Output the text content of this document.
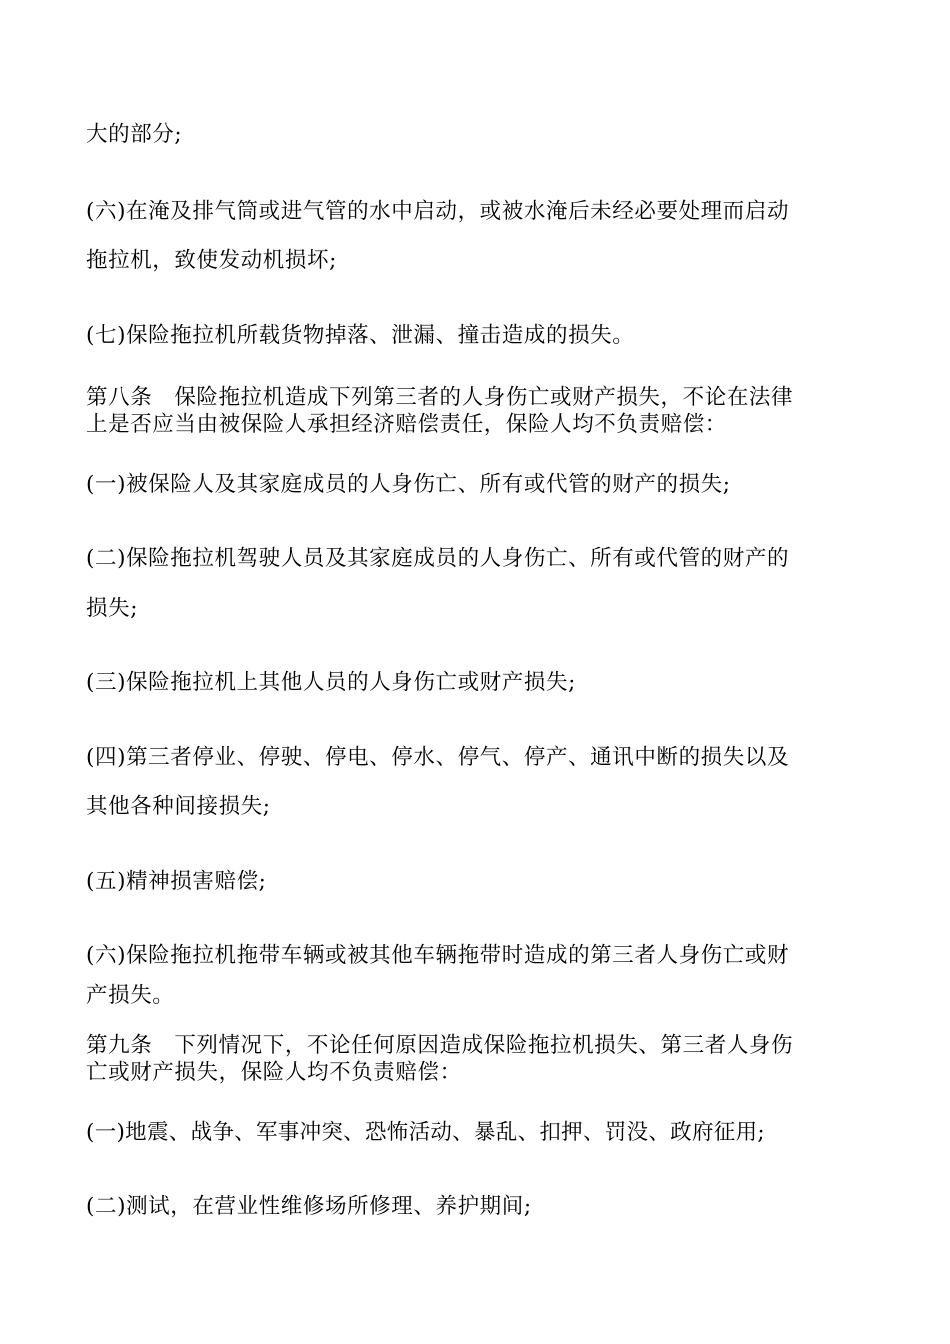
大的部分;
(六)在淹及排气筒或进气管的水中启动，或被水淹后未经必要处理而启动
拖拉机，致使发动机损坏;
(七)保险拖拉机所载货物掉落、泄漏、撞击造成的损失。
第八条 保险拖拉机造成下列第三者的人身伤亡或财产损失，不论在法律
上是否应当由被保险人承担经济赔偿责任，保险人均不负责赔偿：
(一)被保险人及其家庭成员的人身伤亡、所有或代管的财产的损失;
(二)保险拖拉机驾驶人员及其家庭成员的人身伤亡、所有或代管的财产的
损失;
(三)保险拖拉机上其他人员的人身伤亡或财产损失;
(四)第三者停业、停驶、停电、停水、停气、停产、通讯中断的损失以及
其他各种间接损失;
(五)精神损害赔偿;
(六)保险拖拉机拖带车辆或被其他车辆拖带时造成的第三者人身伤亡或财
产损失。
第九条 下列情况下，不论任何原因造成保险拖拉机损失、第三者人身伤
亡或财产损失，保险人均不负责赔偿：
(一)地震、战争、军事冲突、恐怖活动、暴乱、扣押、罚没、政府征用;
(二)测试，在营业性维修场所修理、养护期间;
